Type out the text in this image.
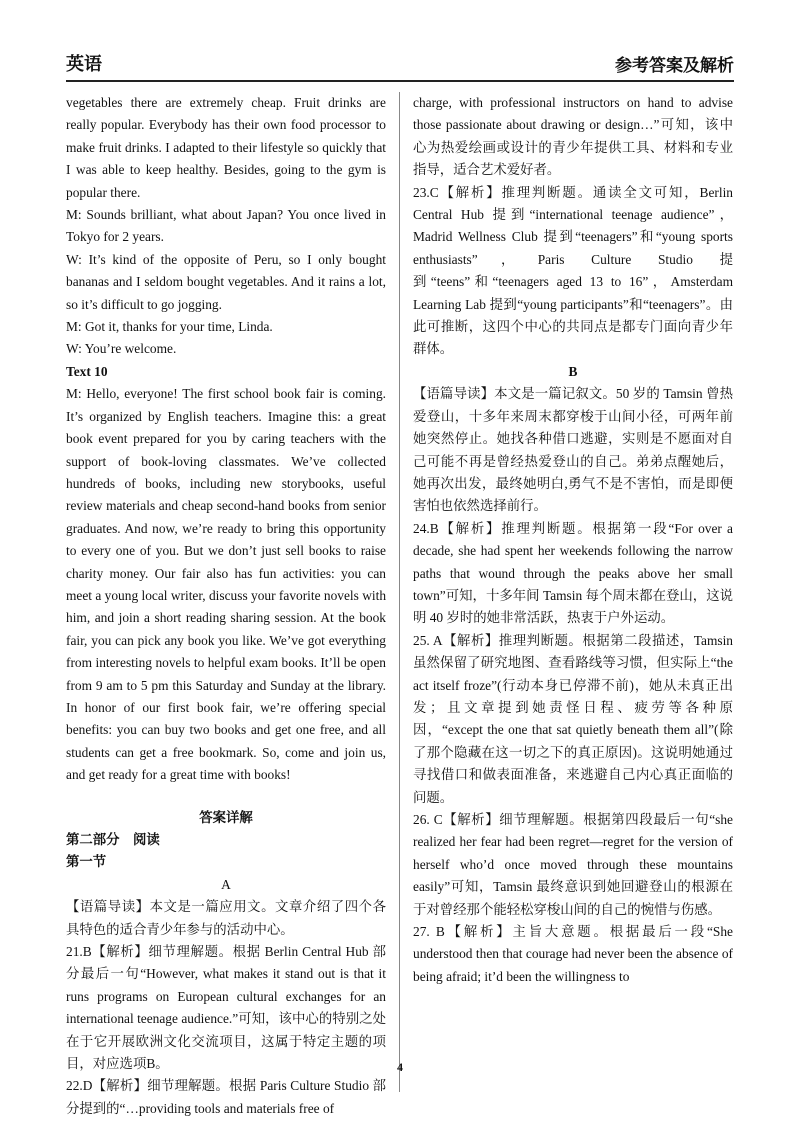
英语	参考答案及解析

vegetables there are extremely cheap. Fruit drinks are really popular. Everybody has their own food processor to make fruit drinks. I adapted to their lifestyle so quickly that I was able to keep healthy. Besides, going to the gym is popular there.

M: Sounds brilliant, what about Japan? You once lived in Tokyo for 2 years.

W: It’s kind of the opposite of Peru, so I only bought bananas and I seldom bought vegetables. And it rains a lot, so it’s difficult to go jogging.

M: Got it, thanks for your time, Linda.

W: You’re welcome.

Text 10

M: Hello, everyone! The first school book fair is coming. It’s organized by English teachers. Imagine this: a great book event prepared for you by caring teachers with the support of book-loving classmates. We’ve collected hundreds of books, including new storybooks, useful review materials and cheap second-hand books from senior graduates. And now, we’re ready to bring this opportunity to every one of you. But we don’t just sell books to raise charity money. Our fair also has fun activities: you can meet a young local writer, discuss your favorite novels with him, and join a short reading sharing session. At the book fair, you can pick any book you like. We’ve got everything from interesting novels to helpful exam books. It’ll be open from 9 am to 5 pm this Saturday and Sunday at the library. In honor of our first book fair, we’re offering special benefits: you can buy two books and get one free, and all students can get a free bookmark. So, come and join us, and get ready for a great time with books!

答案详解

第二部分　阅读

第一节

A

【语篇导读】本文是一篇应用文。文章介绍了四个各具特色的适合青少年参与的活动中心。

21.B【解析】细节理解题。根据 Berlin Central Hub 部分最后一句“However, what makes it stand out is that it runs programs on European cultural exchanges for an international teenage audience.”可知，该中心的特别之处在于它开展欧洲文化交流项目，这属于特定主题的项目，对应选项B。

22.D【解析】细节理解题。根据 Paris Culture Studio 部分提到的“…providing tools and materials free of

charge, with professional instructors on hand to advise those passionate about drawing or design…”可知，该中心为热爱绘画或设计的青少年提供工具、材料和专业指导，适合艺术爱好者。

23.C【解析】推理判断题。通读全文可知，Berlin Central Hub 提到“international teenage audience”，Madrid Wellness Club 提到“teenagers”和“young sports enthusiasts”，Paris Culture Studio 提到“teens”和“teenagers aged 13 to 16”，Amsterdam Learning Lab 提到“young participants”和“teenagers”。由此可推断，这四个中心的共同点是都专门面向青少年群体。

B

【语篇导读】本文是一篇记叙文。50 岁的 Tamsin 曾热爱登山，十多年来周末都穿梭于山间小径，可两年前她突然停止。她找各种借口逃避，实则是不愿面对自己可能不再是曾经热爱登山的自己。弟弟点醒她后，她再次出发，最终她明白,勇气不是不害怕，而是即便害怕也依然选择前行。

24.B【解析】推理判断题。根据第一段“For over a decade, she had spent her weekends following the narrow paths that wound through the peaks above her small town”可知，十多年间 Tamsin 每个周末都在登山，这说明 40 岁时的她非常活跃，热衷于户外运动。

25. A【解析】推理判断题。根据第二段描述，Tamsin 虽然保留了研究地图、查看路线等习惯，但实际上“the act itself froze”(行动本身已停滞不前)，她从未真正出发；且文章提到她责怪日程、疲劳等各种原因，“except the one that sat quietly beneath them all”(除了那个隐藏在这一切之下的真正原因)。这说明她通过寻找借口和做表面准备，来逃避自己内心真正面临的问题。

26. C【解析】细节理解题。根据第四段最后一句“she realized her fear had been regret—regret for the version of herself who’d once moved through these mountains easily”可知，Tamsin 最终意识到她回避登山的根源在于对曾经那个能轻松穿梭山间的自己的惋惜与伤感。

27. B【解析】主旨大意题。根据最后一段“She understood then that courage had never been the absence of being afraid; it’d been the willingness to

4
